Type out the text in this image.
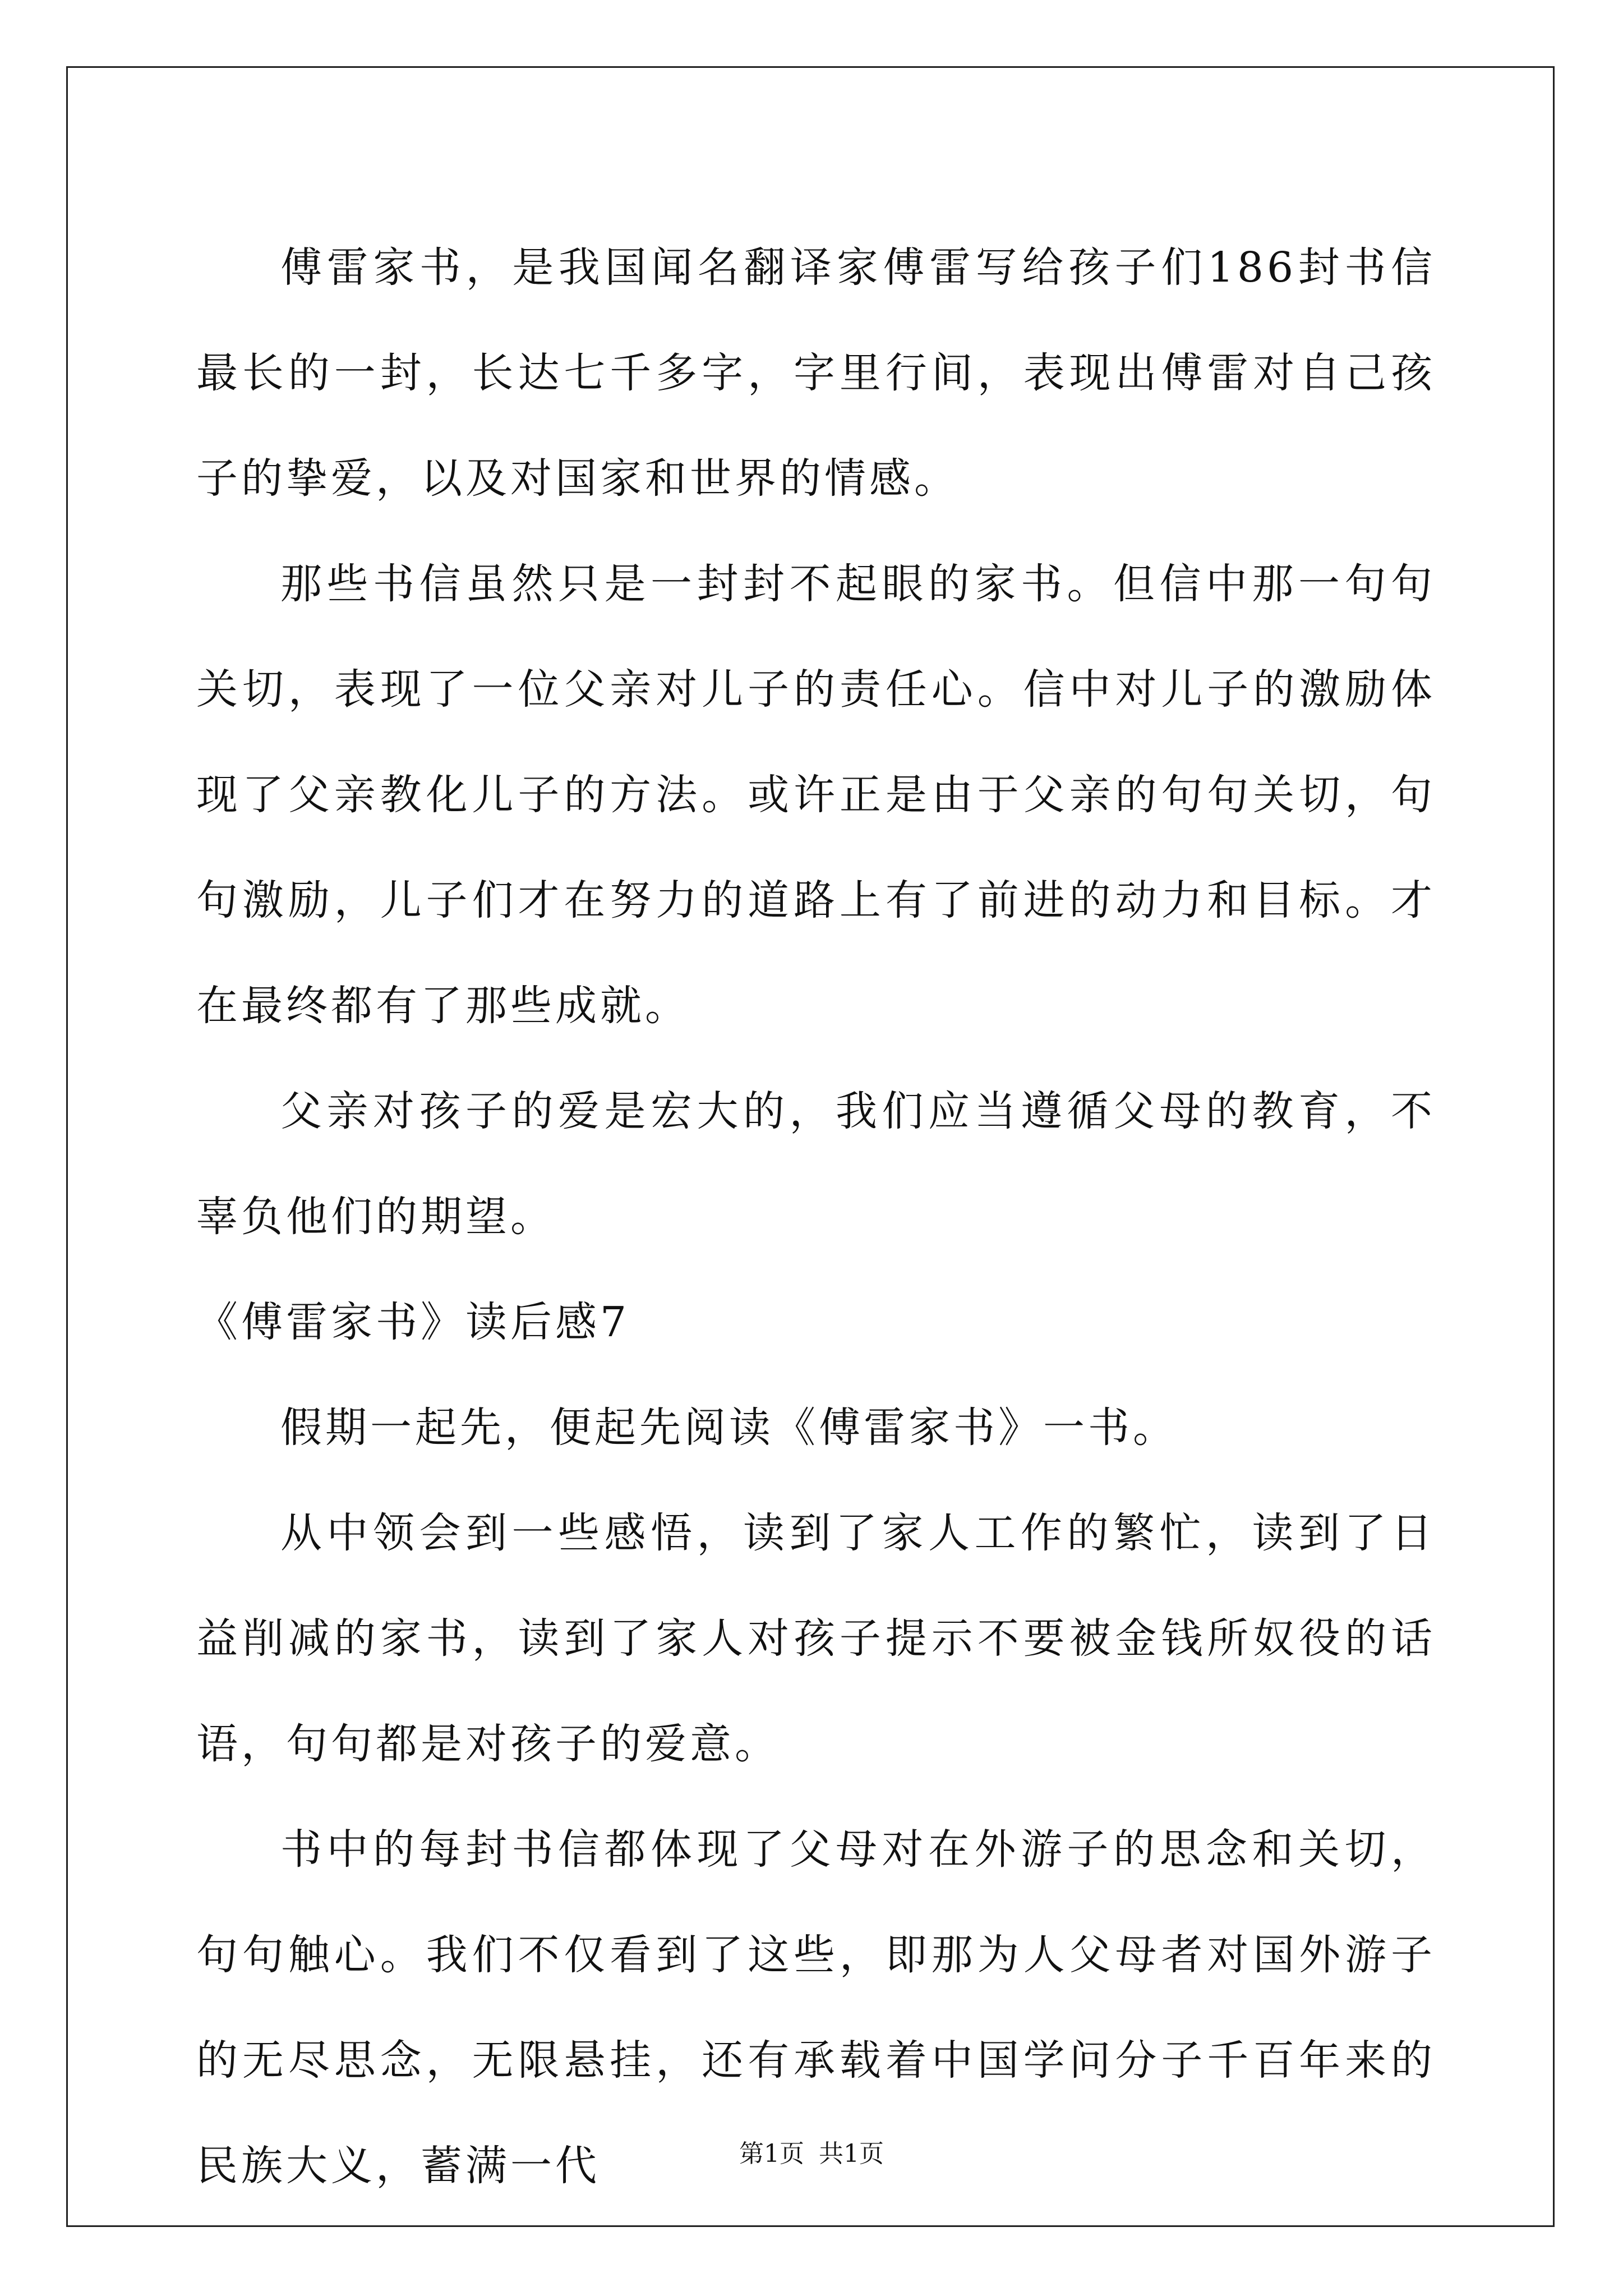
傅雷家书，是我国闻名翻译家傅雷写给孩子们186封书信最长的一封，长达七千多字，字里行间，表现出傅雷对自己孩子的挚爱，以及对国家和世界的情感。

那些书信虽然只是一封封不起眼的家书。但信中那一句句关切，表现了一位父亲对儿子的责任心。信中对儿子的激励体现了父亲教化儿子的方法。或许正是由于父亲的句句关切，句句激励，儿子们才在努力的道路上有了前进的动力和目标。才在最终都有了那些成就。

父亲对孩子的爱是宏大的，我们应当遵循父母的教育，不辜负他们的期望。

《傅雷家书》读后感7

假期一起先，便起先阅读《傅雷家书》一书。

从中领会到一些感悟，读到了家人工作的繁忙，读到了日益削减的家书，读到了家人对孩子提示不要被金钱所奴役的话语，句句都是对孩子的爱意。

书中的每封书信都体现了父母对在外游子的思念和关切，句句触心。我们不仅看到了这些，即那为人父母者对国外游子的无尽思念，无限悬挂，还有承载着中国学问分子千百年来的民族大义，蓄满一代	第1页 共1页
